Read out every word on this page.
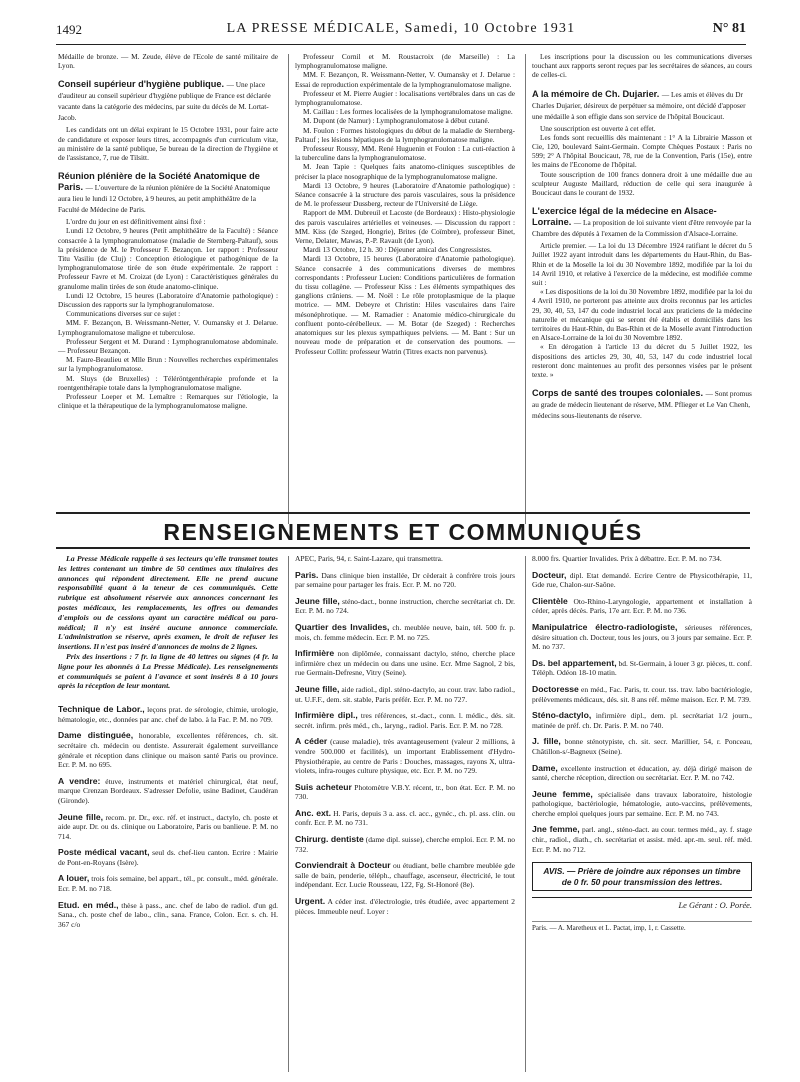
1492	LA PRESSE MÉDICALE, Samedi, 10 Octobre 1931	N° 81

Médaille de bronze. — M. Zeude, élève de l'Ecole de santé militaire de Lyon.

Conseil supérieur d'hygiène publique. — Une place d'auditeur au conseil supérieur d'hygiène publique de France est déclarée vacante dans la catégorie des médecins, par suite du décès de M. Lortat-Jacob.

Les candidats ont un délai expirant le 15 Octobre 1931, pour faire acte de candidature et exposer leurs titres, accompagnés d'un curriculum vitæ, au ministère de la santé publique, 5e bureau de la direction de l'hygiène et de l'assistance, 7, rue de Tilsitt.

Réunion plénière de la Société Anatomique de Paris. — L'ouverture de la réunion plénière de la Société Anatomique aura lieu le lundi 12 Octobre, à 9 heures, au petit amphithéâtre de la Faculté de Médecine de Paris.

L'ordre du jour en est définitivement ainsi fixé :

Lundi 12 Octobre, 9 heures (Petit amphithéâtre de la Faculté) : Séance consacrée à la lymphogranulomatose (maladie de Sternberg-Paltauf), sous la présidence de M. le Professeur F. Bezançon. 1er rapport : Professeur Titu Vasiliu (de Cluj) : Conception étiologique et pathogénique de la lymphogranulomatose tirée de son étude expérimentale. 2e rapport : Professeur Favre et M. Croizat (de Lyon) : Caractéristiques générales du granulome malin tirées de son étude anatomo-clinique.

Lundi 12 Octobre, 15 heures (Laboratoire d'Anatomie pathologique) : Discussion des rapports sur la lymphogranulomatose.

Communications diverses sur ce sujet :

MM. F. Bezançon, B. Weissmann-Netter, V. Oumansky et J. Delarue. Lymphogranulomatose maligne et tuberculose.

Professeur Sergent et M. Durand : Lymphogranulomatose abdominale. — Professeur Bezançon.

M. Faure-Beaulieu et Mlle Brun : Nouvelles recherches expérimentales sur la lymphogranulomatose.

M. Sluys (de Bruxelles) : Téléröntgenthérapie profonde et la roentgenthérapie totale dans la lymphogranulomatose maligne.

Professeur Loeper et M. Lemaître : Remarques sur l'étiologie, la clinique et la thérapeutique de la lymphogranulomatose maligne.

Professeur Cornil et M. Roustacroix (de Marseille) : La lymphogranulomatose maligne.

MM. F. Bezançon, R. Weissmann-Netter, V. Oumansky et J. Delarue : Essai de reproduction expérimentale de la lymphogranulomatose maligne.

Professeur et M. Pierre Augier : localisations vertébrales dans un cas de lymphogranulomatose.

M. Caillau : Les formes localisées de la lymphogranulomatose maligne.

M. Dupont (de Namur) : Lymphogranulomatose à début cutané.

M. Foulon : Formes histologiques du début de la maladie de Sternberg-Paltauf ; les lésions hépatiques de la lymphogranulomatose maligne.

Professeur Roussy, MM. René Huguenin et Foulon : La cuti-réaction à la tuberculine dans la lymphogranulomatose.

M. Jean Tapie : Quelques faits anatomo-cliniques susceptibles de préciser la place nosographique de la lymphogranulomatose maligne.

Mardi 13 Octobre, 9 heures (Laboratoire d'Anatomie pathologique) : Séance consacrée à la structure des parois vasculaires, sous la présidence de M. le professeur Dussberg, recteur de l'Université de Liège.

Rapport de MM. Dubreuil et Lacoste (de Bordeaux) : Histo-physiologie des parois vasculaires artérielles et veineuses. — Discussion du rapport : MM. Kiss (de Szeged, Hongrie), Brites (de Coïmbre), professeur Binet, Verne, Delater, Mawas, P.-P. Ravault (de Lyon).

Mardi 13 Octobre, 12 h. 30 : Déjeuner amical des Congressistes.

Mardi 13 Octobre, 15 heures (Laboratoire d'Anatomie pathologique). Séance consacrée à des communications diverses de membres correspondants : Professeur Lucien: Conditions particulières de formation du tissu collagène. — Professeur Kiss : Les éléments sympathiques des ganglions crâniens. — M. Noël : Le rôle protoplasmique de la plaque motrice. — MM. Debeyre et Christin: Hiles vasculaires dans l'aire mésonéphrotique. — M. Ramadier : Anatomie médico-chirurgicale du confluent ponto-cérébelleux. — M. Botar (de Szeged) : Recherches anatomiques sur les plexus sympathiques pelviens. — M. Bant : Sur un nouveau mode de préparation et de conservation des poumons. — Professeur Collin: professeur Watrin (Titres exacts non parvenus).

Les inscriptions pour la discussion ou les communications diverses touchant aux rapports seront reçues par les secrétaires de séances, au cours de celles-ci.

A la mémoire de Ch. Dujarier. — Les amis et élèves du Dr Charles Dujarier, désireux de perpétuer sa mémoire, ont décidé d'apposer une médaille à son effigie dans son service de l'hôpital Boucicaut.

Une souscription est ouverte à cet effet.

Les fonds sont recueillis dès maintenant : 1° A la Librairie Masson et Cie, 120, boulevard Saint-Germain. Compte Chèques Postaux : Paris no 599; 2° A l'hôpital Boucicaut, 78, rue de la Convention, Paris (15e), entre les mains de l'Econome de l'hôpital.

Toute souscription de 100 francs donnera droit à une médaille due au sculpteur Auguste Maillard, réduction de celle qui sera inaugurée à Boucicaut dans le courant de 1932.

L'exercice légal de la médecine en Alsace-Lorraine. — La proposition de loi suivante vient d'être renvoyée par la Chambre des députés à l'examen de la Commission d'Alsace-Lorraine.

Article premier. — La loi du 13 Décembre 1924 ratifiant le décret du 5 Juillet 1922 ayant introduit dans les départements du Haut-Rhin, du Bas-Rhin et de la Moselle la loi du 30 Novembre 1892, modifiée par la loi du 14 Avril 1910, et relative à l'exercice de la médecine, est modifiée comme suit :

« Les dispositions de la loi du 30 Novembre 1892, modifiée par la loi du 4 Avril 1910, ne porteront pas atteinte aux droits reconnus par les articles 29, 30, 40, 53, 147 du code industriel local aux praticiens de la médecine naturelle et mécanique qui se seront été établis et domiciliés dans les territoires du Haut-Rhin, du Bas-Rhin et de la Moselle avant l'introduction en Alsace-Lorraine de la loi du 30 Novembre 1892.

« En dérogation à l'article 13 du décret du 5 Juillet 1922, les dispositions des articles 29, 30, 40, 53, 147 du code industriel local resteront donc maintenues au profit des personnes visées par le présent texte. »

Corps de santé des troupes coloniales. — Sont promus au grade de médecin lieutenant de réserve, MM. Pflieger et Le Van Chenh, médecins sous-lieutenants de réserve.
RENSEIGNEMENTS ET COMMUNIQUÉS

La Presse Médicale rappelle à ses lecteurs qu'elle transmet toutes les lettres contenant un timbre de 50 centimes aux titulaires des annonces qui répondent directement. Elle ne prend aucune responsabilité quant à la teneur de ces communiqués. Cette rubrique est absolument réservée aux annonces concernant les postes médicaux, les remplacements, les offres ou demandes d'emplois ou de cessions ayant un caractère médical ou para-médical; il n'y est inséré aucune annonce commerciale. L'administration se réserve, après examen, le droit de refuser les insertions. Il n'est pas inséré d'annonces de moins de 2 lignes.

Prix des insertions : 7 fr. la ligne de 40 lettres ou signes (4 fr. la ligne pour les abonnés à La Presse Médicale). Les renseignements et communiqués se paient à l'avance et sont insérés 8 à 10 jours après la réception de leur montant.

Technique de Labor., leçons prat. de sérologie, chimie, urologie, hématologie, etc., données par anc. chef de labo. à la Fac. P. M. no 709.

Dame distinguée, honorable, excellentes références, ch. sit. secrétaire ch. médecin ou dentiste. Assurerait également surveillance générale et réception dans clinique ou maison santé Paris ou province. Ecr. P. M. no 695.

A vendre: étuve, instruments et matériel chirurgical, état neuf, marque Crenzan Bordeaux. S'adresser Defolie, usine Badinet, Caudéran (Gironde).

Jeune fille, recom. pr. Dr., exc. réf. et instruct., dactylo, ch. poste et aide aupr. Dr. ou ds. clinique ou Laboratoire, Paris ou banlieue. P. M. no 714.

Poste médical vacant, seul ds. chef-lieu canton. Ecrire : Mairie de Pont-en-Royans (Isère).

A louer, trois fois semaine, bel appart., tél., pr. consult., méd. générale. Ecr. P. M. no 718.

Etud. en méd., thèse à pass., anc. chef de labo de radiol. d'un gd. Sana., ch. poste chef de labo., clin., sana. France, Colon. Ecr. s. ch. H. 367 c/o

APEC, Paris, 94, r. Saint-Lazare, qui transmettra.

Paris. Dans clinique bien installée, Dr cèderait à confrère trois jours par semaine pour partager les frais. Ecr. P. M. no 720.

Jeune fille, sténo-dact., bonne instruction, cherche secrétariat ch. Dr. Ecr. P. M. no 724.

Quartier des Invalides, ch. meublée neuve, bain, tél. 500 fr. p. mois, ch. femme médecin. Ecr. P. M. no 725.

Infirmière non diplômée, connaissant dactylo, sténo, cherche place infirmière chez un médecin ou dans une usine. Ecr. Mme Sagnol, 2 bis, rue Germain-Defresne, Vitry (Seine).

Jeune fille, aide radiol., dipl. sténo-dactylo, au cour. trav. labo radiol., ut. U.F.F., dem. sit. stable, Paris préfér. Ecr. P. M. no 727.

Infirmière dipl., tres références, st.-dact., conn. l. médic., dés. sit. secrét. infirm. prés méd., ch., laryng., radiol. Paris. Ecr. P. M. no 728.

A céder (cause maladie), très avantageusement (valeur 2 millions, à vendre 500.000 et facilités), un important Etablissement d'Hydro-Physiothérapie, au centre de Paris : Douches, massages, rayons X, ultra-violets, infra-rouges culture physique, etc. Ecr. P. M. no 729.

Suis acheteur Photomètre V.B.Y. récent, tr., bon état. Ecr. P. M. no 730.

Anc. ext. H. Paris, depuis 3 a. ass. cl. acc., gynéc., ch. pl. ass. clin. ou confr. Ecr. P. M. no 731.

Chirurg. dentiste (dame dipl. suisse), cherche emploi. Ecr. P. M. no 732.

Conviendrait à Docteur ou étudiant, belle chambre meublée gde salle de bain, penderie, téléph., chauffage, ascenseur, électricité, le tout indépendant. Ecr. Lucie Rousseau, 122, Fg. St-Honoré (8e).

Urgent. A céder inst. d'électrologie, très étudiée, avec appartement 2 pièces. Immeuble neuf. Loyer :

8.000 frs. Quartier Invalides. Prix à débattre. Ecr. P. M. no 734.

Docteur, dipl. Etat demandé. Ecrire Centre de Physicothérapie, 11, Gde rue, Chalon-sur-Saône.

Clientèle Oto-Rhino-Laryngologie, appartement et installation à céder, après décès. Paris, 17e arr. Ecr. P. M. no 736.

Manipulatrice électro-radiologiste, sérieuses références, désire situation ch. Docteur, tous les jours, ou 3 jours par semaine. Ecr. P. M. no 737.

Ds. bel appartement, bd. St-Germain, à louer 3 gr. pièces, tt. conf. Téléph. Odéon 18-10 matin.

Doctoresse en méd., Fac. Paris, tr. cour. tss. trav. labo bactériologie, prélèvements médicaux, dés. sit. 8 ans réf. même maison. Ecr. P. M. 739.

Sténo-dactylo, infirmière dipl., dem. pl. secrétariat 1/2 journ., matinée de préf. ch. Dr. Paris. P. M. no 740.

J. fille, bonne sténotypiste, ch. sit. secr. Marillier, 54, r. Ponceau, Châtillon-s/-Bagneux (Seine).

Dame, excellente instruction et éducation, ay. déjà dirigé maison de santé, cherche réception, direction ou secrétariat. Ecr. P. M. no 742.

Jeune femme, spécialisée dans travaux laboratoire, histologie pathologique, bactériologie, hématologie, auto-vaccins, prélèvements, cherche emploi quelques jours par semaine. Ecr. P. M. no 743.

Jne femme, parl. angl., sténo-dact. au cour. termes méd., ay. f. stage chir., radiol., diath., ch. secrétariat et assist. méd. apr.-m. seul. réf. méd. Ecr. P. M. no 712.

AVIS. — Prière de joindre aux réponses un timbre de 0 fr. 50 pour transmission des lettres.
Le Gérant : O. Porée.
Paris. — A. Maretheux et L. Pactat, imp, 1, r. Cassette.
